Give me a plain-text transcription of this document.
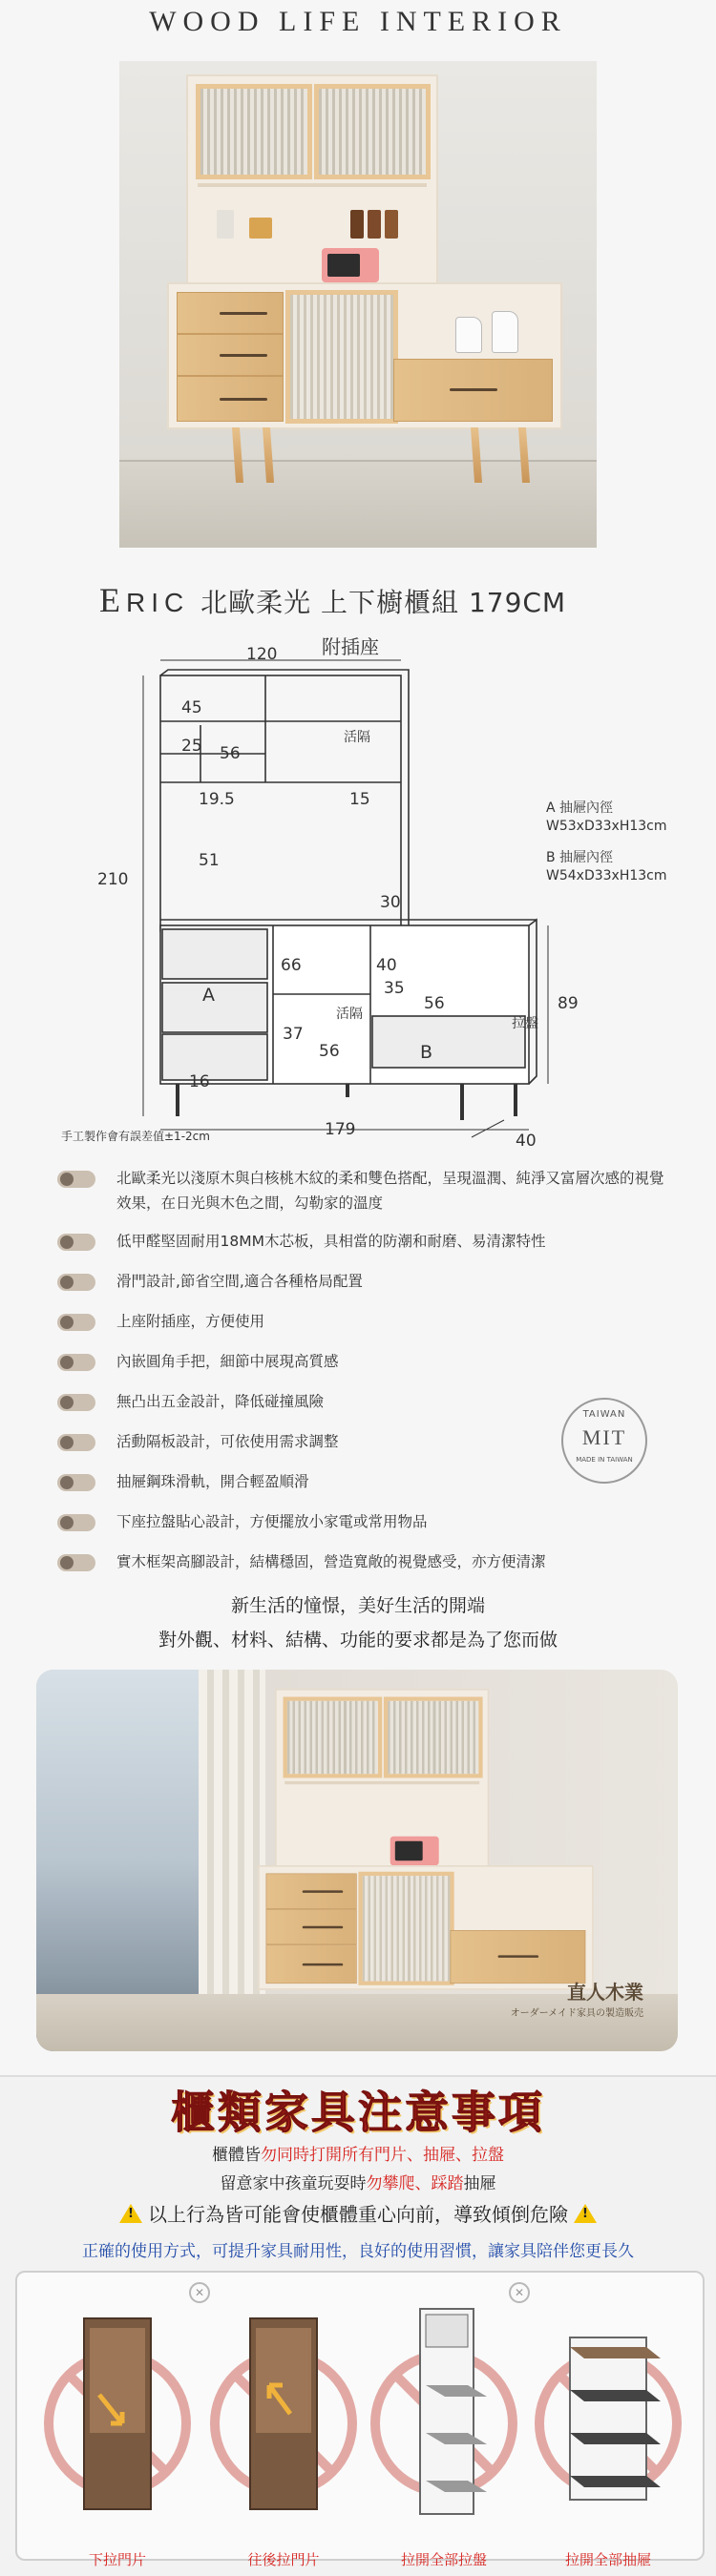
WOOD LIFE INTERIOR
ERIC 北歐柔光 上下櫥櫃組 179CM
附插座
120
210
45
25 56
活隔
19.5	15
51
30
66	40
35
56
活隔
37
56
A
B
拉盤
89
16
179
40
手工製作會有誤差值±1-2cm
A 抽屜內徑
W53xD33xH13cm
B 抽屜內徑
W54xD33xH13cm
北歐柔光以淺原木與白核桃木紋的柔和雙色搭配，呈現溫潤、純淨又富層次感的視覺效果，在日光與木色之間，勾勒家的溫度
低甲醛堅固耐用18MM木芯板，具相當的防潮和耐磨、易清潔特性
滑門設計,節省空間,適合各種格局配置
上座附插座，方便使用
內嵌圓角手把，細節中展現高質感
無凸出五金設計，降低碰撞風險
活動隔板設計，可依使用需求調整
抽屜鋼珠滑軌，開合輕盈順滑
下座拉盤貼心設計，方便擺放小家電或常用物品
實木框架高腳設計，結構穩固，營造寬敞的視覺感受，亦方便清潔
TAIWAN
MIT
MADE IN TAIWAN
新生活的憧憬，美好生活的開端
對外觀、材料、結構、功能的要求都是為了您而做
直人木業
オーダーメイド家具の製造販売
櫃類家具注意事項
櫃體皆勿同時打開所有門片、抽屜、拉盤
留意家中孩童玩耍時勿攀爬、踩踏抽屜
!以上行為皆可能會使櫃體重心向前，導致傾倒危險!
正確的使用方式，可提升家具耐用性，良好的使用習慣，讓家具陪伴您更長久
✕	✕
下拉門片	往後拉門片	拉開全部拉盤	拉開全部抽屜
